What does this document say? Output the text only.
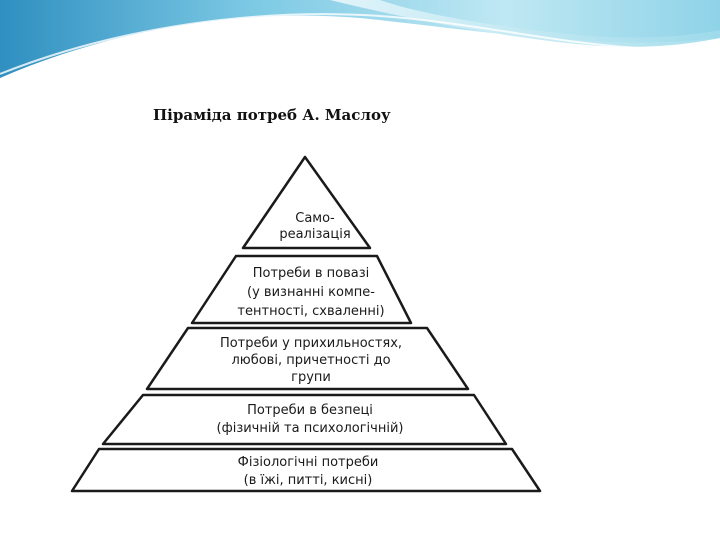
Піраміда потреб А. Маслоу
Само-
реалізація
Потреби в повазі
(у визнанні компе-
тентності, схваленні)
Потреби у прихильностях,
любові, причетності до
групи
Потреби в безпеці
(фізичній та психологічній)
Фізіологічні потреби
(в їжі, питті, кисні)
